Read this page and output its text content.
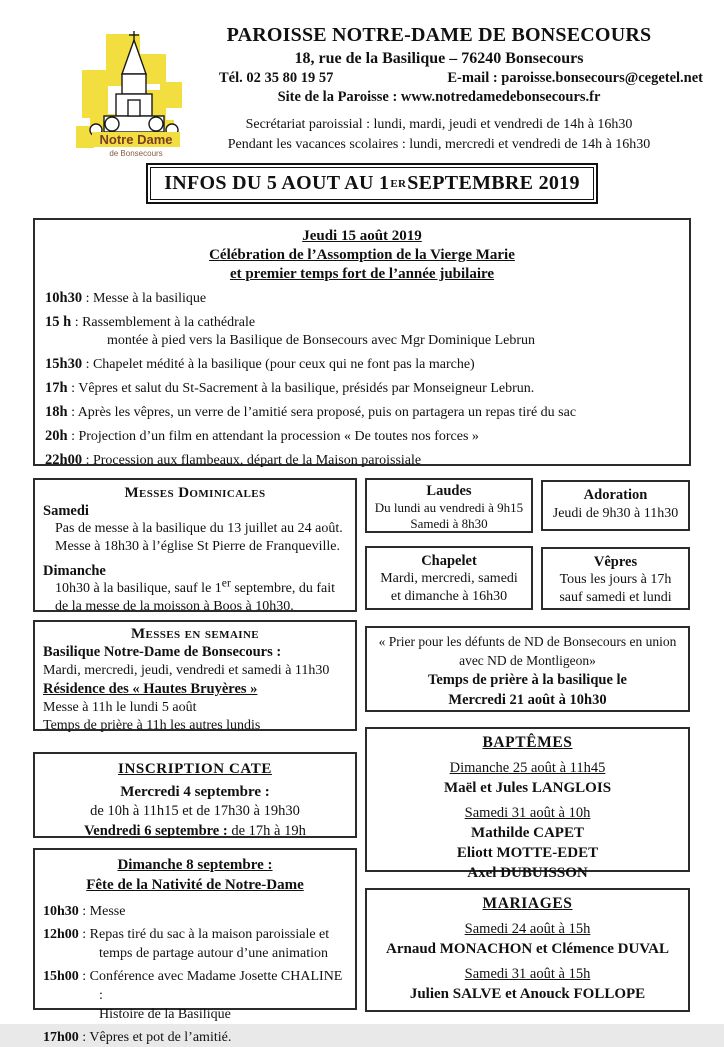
Notre Dame
de Bonsecours
PAROISSE NOTRE-DAME DE BONSECOURS
18, rue de la Basilique – 76240 Bonsecours
Tél. 02 35 80 19 57	E-mail : paroisse.bonsecours@cegetel.net
Site de la Paroisse : www.notredamedebonsecours.fr
Secrétariat paroissial : lundi, mardi, jeudi et vendredi de 14h à 16h30
Pendant les vacances scolaires : lundi, mercredi et vendredi de 14h à 16h30
INFOS DU 5 AOUT AU 1 ER SEPTEMBRE 2019
Jeudi 15 août 2019
Célébration de l’Assomption de la Vierge Marie
et premier temps fort de l’année jubilaire
10h30 : Messe à la basilique
15 h : Rassemblement à la cathédrale
montée à pied vers la Basilique de Bonsecours avec Mgr Dominique Lebrun
15h30 : Chapelet médité à la basilique (pour ceux qui ne font pas la marche)
17h : Vêpres et salut du St-Sacrement à la basilique, présidés par Monseigneur Lebrun.
18h : Après les vêpres, un verre de l’amitié sera proposé, puis on partagera un repas tiré du sac
20h : Projection d’un film en attendant la procession « De toutes nos forces »
22h00 : Procession aux flambeaux, départ de la Maison paroissiale
Messes Dominicales
Samedi
Pas de messe à la basilique du 13 juillet au 24 août.
Messe à 18h30 à l’église St Pierre de Franqueville.
Dimanche
10h30 à la basilique, sauf le 1er septembre, du fait
de la messe de la moisson à Boos à 10h30.
Messes en semaine
Basilique Notre-Dame de Bonsecours :
Mardi, mercredi, jeudi, vendredi et samedi à 11h30
Résidence des « Hautes Bruyères »
Messe à 11h le lundi 5 août
Temps de prière à 11h les autres lundis
Laudes
Du lundi au vendredi à 9h15
Samedi à 8h30
Adoration
Jeudi de 9h30 à 11h30
Chapelet
Mardi, mercredi, samedi
et dimanche à 16h30
Vêpres
Tous les jours à 17h
sauf samedi et lundi
« Prier pour les défunts de ND de Bonsecours en union
avec ND de Montligeon»
Temps de prière à la basilique le
Mercredi 21 août à 10h30
INSCRIPTION CATE
Mercredi 4 septembre :
de 10h à 11h15 et de 17h30 à 19h30
Vendredi 6 septembre : de 17h à 19h
Dimanche 8 septembre :
Fête de la Nativité de Notre-Dame
10h30 : Messe
12h00 : Repas tiré du sac à la maison paroissiale et
temps de partage autour d’une animation
15h00 : Conférence avec Madame Josette CHALINE :
Histoire de la Basilique
17h00 : Vêpres et pot de l’amitié.
BAPTÊMES
Dimanche 25 août à 11h45
Maël et Jules LANGLOIS
Samedi 31 août à 10h
Mathilde CAPET
Eliott MOTTE-EDET
Axel DUBUISSON
MARIAGES
Samedi 24 août à 15h
Arnaud MONACHON et Clémence DUVAL
Samedi 31 août à 15h
Julien SALVE et Anouck FOLLOPE
